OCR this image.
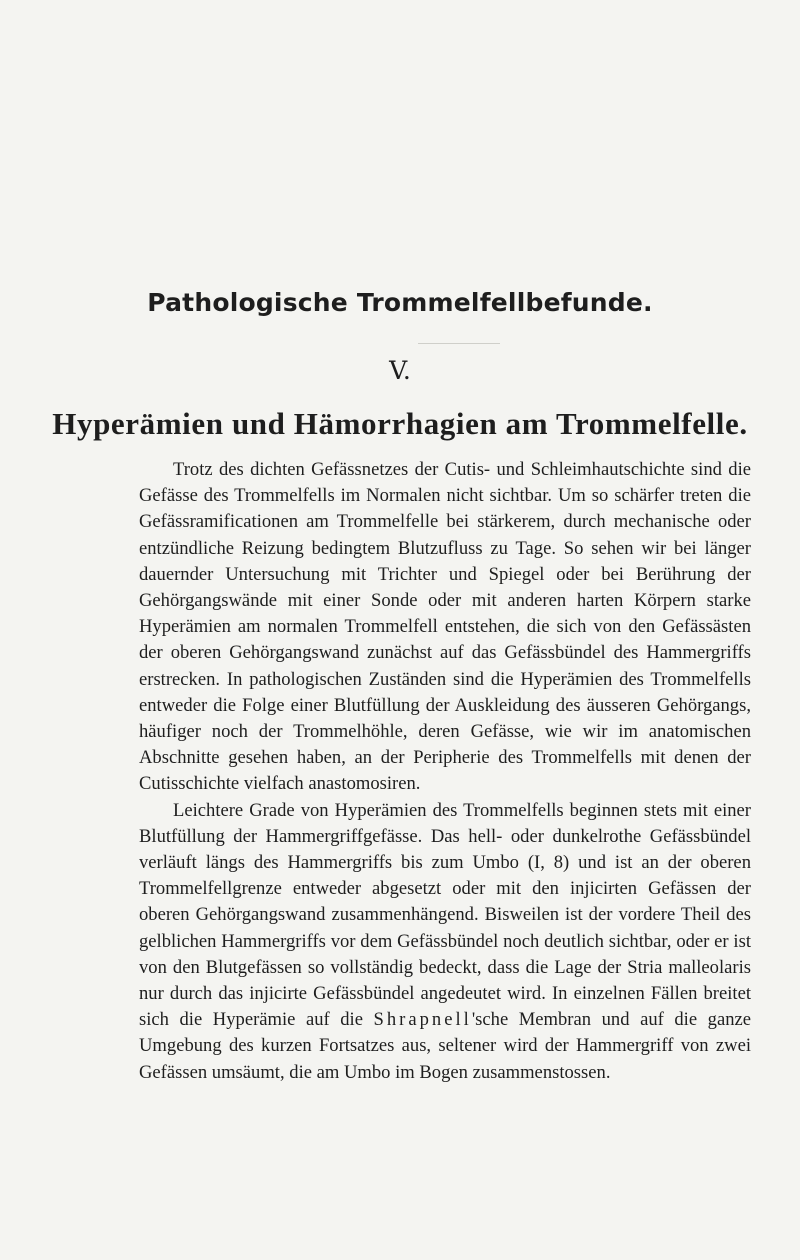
Pathologische Trommelfellbefunde.
V.
Hyperämien und Hämorrhagien am Trommelfelle.

Trotz des dichten Gefässnetzes der Cutis- und Schleimhautschichte sind die Gefässe des Trommelfells im Normalen nicht sichtbar. Um so schärfer treten die Gefässramificationen am Trommelfelle bei stärkerem, durch mechanische oder entzündliche Reizung bedingtem Blutzufluss zu Tage. So sehen wir bei länger dauernder Untersuchung mit Trichter und Spiegel oder bei Berührung der Gehörgangswände mit einer Sonde oder mit anderen harten Körpern starke Hyperämien am normalen Trommelfell entstehen, die sich von den Gefässästen der oberen Gehörgangswand zunächst auf das Gefässbündel des Hammergriffs erstrecken. In pathologischen Zuständen sind die Hyperämien des Trommelfells entweder die Folge einer Blutfüllung der Auskleidung des äusseren Gehörgangs, häufiger noch der Trommelhöhle, deren Gefässe, wie wir im anatomischen Abschnitte gesehen haben, an der Peripherie des Trommelfells mit denen der Cutisschichte vielfach anastomosiren.

Leichtere Grade von Hyperämien des Trommelfells beginnen stets mit einer Blutfüllung der Hammergriffgefässe. Das hell- oder dunkelrothe Gefässbündel verläuft längs des Hammergriffs bis zum Umbo (I, 8) und ist an der oberen Trommelfellgrenze entweder abgesetzt oder mit den injicirten Gefässen der oberen Gehörgangswand zusammenhängend. Bisweilen ist der vordere Theil des gelblichen Hammergriffs vor dem Gefässbündel noch deutlich sichtbar, oder er ist von den Blutgefässen so vollständig bedeckt, dass die Lage der Stria malleolaris nur durch das injicirte Gefässbündel angedeutet wird. In einzelnen Fällen breitet sich die Hyperämie auf die Shrapnell'sche Membran und auf die ganze Umgebung des kurzen Fortsatzes aus, seltener wird der Hammergriff von zwei Gefässen umsäumt, die am Umbo im Bogen zusammenstossen.
